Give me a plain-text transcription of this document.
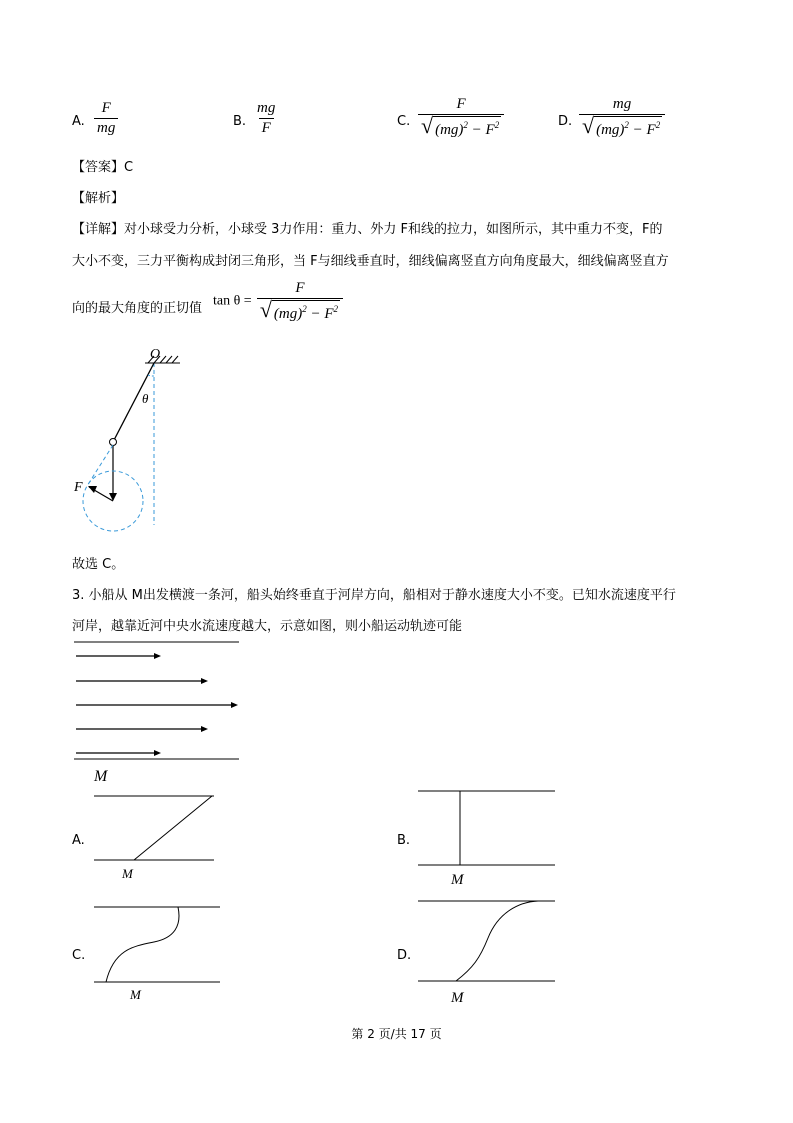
A. $\frac{F}{mg}$	B. $\frac{mg}{F}$	C. $\frac{F}{√ (mg)^2 - F^2}$	D. $\frac{mg}{√ (mg)^2 - F^2}$
【答案】C
【解析】
【详解】对小球受力分析，小球受 3力作用：重力、外力 F和线的拉力，如图所示，其中重力不变，F的
大小不变，三力平衡构成封闭三角形，当 F与细线垂直时，细线偏离竖直方向角度最大，细线偏离竖直方
向的最大角度的正切值 $\tan \theta = \frac{F}{√ (mg)^2 - F^2}$
O
θ
F
故选 C。
3. 小船从 M出发横渡一条河，船头始终垂直于河岸方向，船相对于静水速度大小不变。已知水流速度平行
河岸，越靠近河中央水流速度越大，示意如图，则小船运动轨迹可能
M
A.
M
B.
M
C.
M
D.
M
第 2 页/共 17 页
